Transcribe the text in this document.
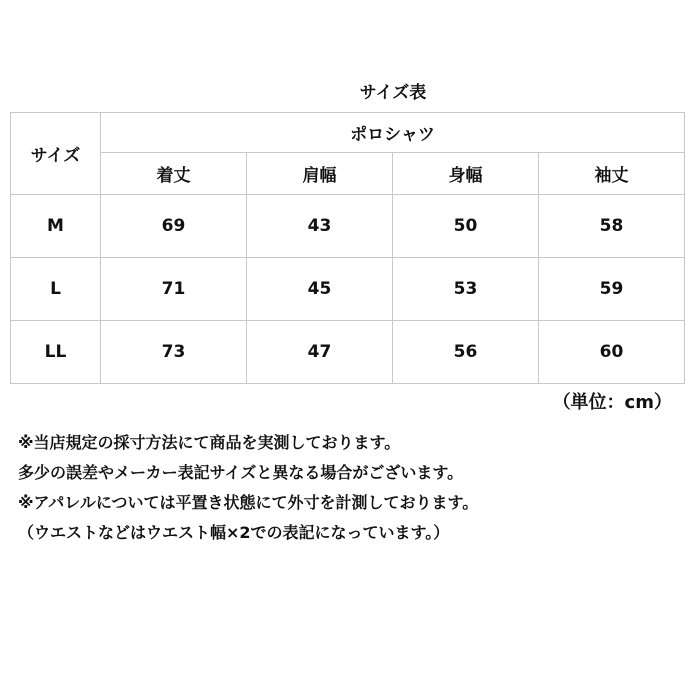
サイズ表
サイズ	ポロシャツ			
	着丈	肩幅	身幅	袖丈
M	69	43	50	58
L	71	45	53	59
LL	73	47	56	60
（単位：cm）
※当店規定の採寸方法にて商品を実測しております。
多少の誤差やメーカー表記サイズと異なる場合がございます。
※アパレルについては平置き状態にて外寸を計測しております。
（ウエストなどはウエスト幅×2での表記になっています。）
